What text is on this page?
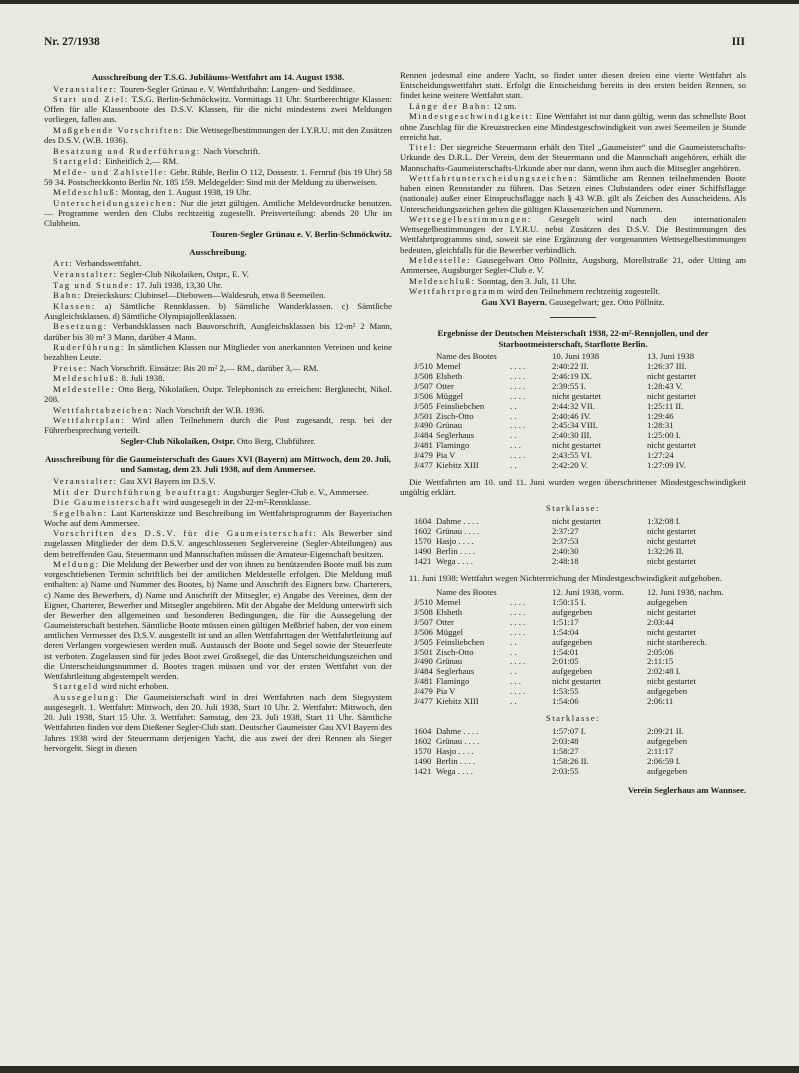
Nr. 27/1938	III
Ausschreibung der T.S.G. Jubiläums-Wettfahrt am 14. August 1938.

Veranstalter: Touren-Segler Grünau e. V. Wettfahrtbahn: Langen- und Seddinsee.

Start und Ziel: T.S.G. Berlin-Schmöckwitz. Vormittags 11 Uhr. Startberechtigte Klassen: Offen für alle Klassenboote des D.S.V. Klassen, für die nicht mindestens zwei Meldungen vorliegen, fallen aus.

Maßgebende Vorschriften: Die Wettsegelbestimmungen der I.Y.R.U. mit den Zusätzen des D.S.V. (W.B. 1936).

Besatzung und Ruderführung: Nach Vorschrift.

Startgeld: Einheitlich 2,— RM.

Melde- und Zahlstelle: Gebr. Rühle, Berlin O 112, Dossestr. 1. Fernruf (bis 19 Uhr) 58 59 34. Postscheckkonto Berlin Nr. 185 159. Meldegelder: Sind mit der Meldung zu überweisen.

Meldeschluß: Montag, den 1. August 1938, 19 Uhr.

Unterscheidungszeichen: Nur die jetzt gültigen. Amtliche Meldevordrucke benutzen. — Programme werden den Clubs rechtzeitig zugestellt. Preisverteilung: abends 20 Uhr im Clubheim.

Touren-Segler Grünau e. V. Berlin-Schmöckwitz.
Ausschreibung.

Art: Verbandswettfahrt.

Veranstalter: Segler-Club Nikolaiken, Ostpr., E. V.

Tag und Stunde: 17. Juli 1938, 13,30 Uhr.

Bahn: Dreieckskurs: Clubinsel—Diebowen—Waldesruh, etwa 8 Seemeilen.

Klassen: a) Sämtliche Rennklassen. b) Sämtliche Wanderklassen. c) Sämtliche Ausgleichsklassen. d) Sämtliche Olympiajollenklassen.

Besetzung: Verbandsklassen nach Bauvorschrift, Ausgleichsklassen bis 12-m² 2 Mann, darüber bis 30 m² 3 Mann, darüber 4 Mann.

Ruderführung: In sämtlichen Klassen nur Mitglieder von anerkannten Vereinen und keine bezahlten Leute.

Preise: Nach Vorschrift. Einsätze: Bis 20 m² 2,— RM., darüber 3,— RM.

Meldeschluß: 8. Juli 1938.

Meldestelle: Otto Berg, Nikolaiken, Ostpr. Telephonisch zu erreichen: Bergknecht, Nikol. 208.

Wettfahrtabzeichen: Nach Vorschrift der W.B. 1936.

Wettfahrtplan: Wird allen Teilnehmern durch die Post zugesandt, resp. bei der Führerbesprechung verteilt.

Segler-Club Nikolaiken, Ostpr. Otto Berg, Clubführer.
Ausschreibung für die Gaumeisterschaft des Gaues XVI (Bayern) am Mittwoch, dem 20. Juli, und Samstag, dem 23. Juli 1938, auf dem Ammersee.

Veranstalter: Gau XVI Bayern im D.S.V.

Mit der Durchführung beauftragt: Augsburger Segler-Club e. V., Ammersee.

Die Gaumeisterschaft wird ausgesegelt in der 22-m²-Rennklasse.

Segelbahn: Laut Kartenskizze und Beschreibung im Wettfahrtsprogramm der Bayerischen Woche auf dem Ammersee.

Vorschriften des D.S.V. für die Gaumeisterschaft: Als Bewerber sind zugelassen Mitglieder der dem D.S.V. angeschlossenen Seglervereine (Segler-Abteilungen) aus dem betreffenden Gau. Steuermann und Mannschaften müssen die Amateur-Eigenschaft besitzen.

Meldung: Die Meldung der Bewerber und der von ihnen zu benützenden Boote muß bis zum vorgeschriebenen Termin schriftlich bei der amtlichen Meldestelle erfolgen. Die Meldung muß enthalten: a) Name und Nummer des Bootes, b) Name und Anschrift des Eigners bzw. Charterers, c) Name des Bewerbers, d) Name und Anschrift der Mitsegler, e) Angabe des Vereines, dem der Eigner, Charterer, Bewerber und Mitsegler angehören. Mit der Abgabe der Meldung unterwirft sich der Bewerber den allgemeinen und besonderen Bedingungen, die für die Aussegelung der Gaumeisterschaft bestehen. Sämtliche Boote müssen einen gültigen Meßbrief haben, der von einem amtlichen Vermesser des D.S.V. ausgestellt ist und an allen Wettfahrttagen der Wettfahrtleitung auf deren Verlangen vorgewiesen werden muß. Austausch der Boote und Segel sowie der Steuerleute ist verboten. Zugelassen sind für jedes Boot zwei Großsegel, die das Unterscheidungszeichen und die Unterscheidungsnummer d. Bootes tragen müssen und vor der ersten Wettfahrt von der Wettfahrtleitung abgestempelt werden.

Startgeld wird nicht erhoben.

Aussegelung: Die Gaumeisterschaft wird in drei Wettfahrten nach dem Siegsystem ausgesegelt. 1. Wettfahrt: Mittwoch, den 20. Juli 1938, Start 10 Uhr. 2. Wettfahrt: Mittwoch, den 20. Juli 1938, Start 15 Uhr. 3. Wettfahrt: Samstag, den 23. Juli 1938, Start 11 Uhr. Sämtliche Wettfahrten finden vor dem Dießener Segler-Club statt. Deutscher Gaumeister Gau XVI Bayern des Jahres 1938 wird der Steuermann derjenigen Yacht, die aus zwei der drei Rennen als Sieger hervorgeht. Siegt in diesen

Rennen jedesmal eine andere Yacht, so findet unter diesen dreien eine vierte Wettfahrt als Entscheidungswettfahrt statt. Erfolgt die Entscheidung bereits in den ersten beiden Rennen, so findet keine weitere Wettfahrt statt.

Länge der Bahn: 12 sm.

Mindestgeschwindigkeit: Eine Wettfahrt ist nur dann gültig, wenn das schnellste Boot ohne Zuschlag für die Kreuzstrecken eine Mindestgeschwindigkeit von zwei Seemeilen je Stunde erreicht hat.

Titel: Der siegreiche Steuermann erhält den Titel „Gaumeister“ und die Gaumeisterschafts-Urkunde des D.R.L. Der Verein, dem der Steuermann und die Mannschaft angehören, erhält die Mannschafts-Gaumeisterschafts-Urkunde aber nur dann, wenn ihm auch die Mitsegler angehören.

Wettfahrtunterscheidungszeichen: Sämtliche am Rennen teilnehmenden Boote haben einen Rennstander zu führen. Das Setzen eines Clubstanders oder einer Schiffsflagge (nationale) außer einer Einspruchsflagge nach § 43 W.B. gilt als Zeichen des Ausscheidens. Als Unterscheidungszeichen gelten die gültigen Klassenzeichen und Nummern.

Wettsegelbestimmungen: Gesegelt wird nach den internationalen Wettsegelbestimmungen der I.Y.R.U. nebst Zusätzen des D.S.V. Die Bestimmungen des Wettfahrtprogramms sind, soweit sie eine Ergänzung der vorgenannten Wettsegelbestimmungen bedeuten, gleichfalls für die Bewerber verbindlich.

Meldestelle: Gausegelwart Otto Pöllnitz, Augsburg, Morellstraße 21, oder Utting am Ammersee, Augsburger Segler-Club e. V.

Meldeschluß: Sonntag, den 3. Juli, 11 Uhr.

Wettfahrtprogramm wird den Teilnehmern rechtzeitig zugestellt.

Gau XVI Bayern. Gausegelwart; gez. Otto Pöllnitz.
Ergebnisse der Deutschen Meisterschaft 1938, 22-m²-Rennjollen, und der Starbootmeisterschaft, Starflotte Berlin.
	Name des Bootes		10. Juni 1938	13. Juni 1938
J/510	Memel	. . . .	2:40:22 II.	1:26:37 III.
J/508	Elsbeth	. . . .	2:46:19 IX.	nicht gestartet
J/507	Otter	. . . .	2:39:55 I.	1:28:43 V.
J/506	Müggel	. . . .	nicht gestartet	nicht gestartet
J/505	Feinsliebchen	. .	2:44:32 VII.	1:25:11 II.
J/501	Zisch-Otto	. .	2:40:46 IV.	1:29:46
J/490	Grünau	. . . .	2:45:34 VIII.	1:28:31
J/484	Seglerhaus	. .	2:40:30 III.	1:25:00 I.
J/481	Flamingo	. . .	nicht gestartet	nicht gestartet
J/479	Pia V	. . . .	2:43:55 VI.	1:27:24
J/477	Kiebitz XIII	. .	2:42:20 V.	1:27:09 IV.

Die Wettfahrten am 10. und 11. Juni wurden wegen überschrittener Mindestgeschwindigkeit ungültig erklärt.

Starklasse:
1604	Dahme . . . .	nicht gestartet	1:32:08 I.
1602	Grünau . . . .	2:37:27	nicht gestartet
1570	Hasjo . . . .	2:37:53	nicht gestartet
1490	Berlin . . . .	2:40:30	1:32:26 II.
1421	Wega . . . .	2:48:18	nicht gestartet

11. Juni 1938: Wettfahrt wegen Nichterreichung der Mindestgeschwindigkeit aufgehoben.

	Name des Bootes		12. Juni 1938, vorm.	12. Juni 1938, nachm.
J/510	Memel	. . . .	1:50:15 I.	aufgegeben
J/508	Elsbeth	. . . .	aufgegeben	nicht gestartet
J/507	Otter	. . . .	1:51:17	2:03:44
J/506	Müggel	. . . .	1:54:04	nicht gestartet
J/505	Feinsliebchen	. .	aufgegeben	nicht startberech.
J/501	Zisch-Otto	. .	1:54:01	2:05:06
J/490	Grünau	. . . .	2:01:05	2:11:15
J/484	Seglerhaus	. .	aufgegeben	2:02:48 I.
J/481	Flamingo	. . .	nicht gestartet	nicht gestartet
J/479	Pia V	. . . .	1:53:55	aufgegeben
J/477	Kiebitz XIII	. .	1:54:06	2:06:11
Starklasse:
1604	Dahme . . . .	1:57:07 I.	2:09:21 II.
1602	Grünau . . . .	2:03:48	aufgegeben
1570	Hasjo . . . .	1:58:27	2:11:17
1490	Berlin . . . .	1:58:26 II.	2:06:59 I.
1421	Wega . . . .	2:03:55	aufgegeben
Verein Seglerhaus am Wannsee.
